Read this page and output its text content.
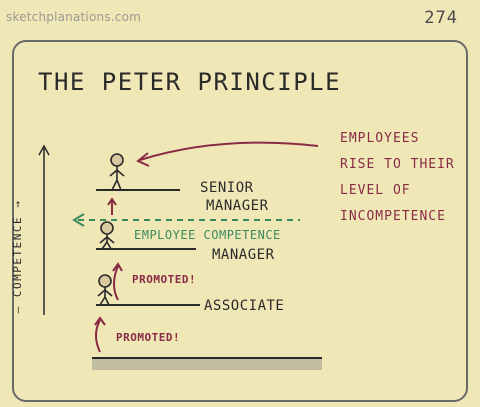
sketchplanations.com	274
THE PETER PRINCIPLE
SENIOR
MANAGER
EMPLOYEE COMPETENCE
MANAGER
PROMOTED!
ASSOCIATE
PROMOTED!
EMPLOYEES
RISE TO THEIR
LEVEL OF
INCOMPETENCE
— COMPETENCE →
